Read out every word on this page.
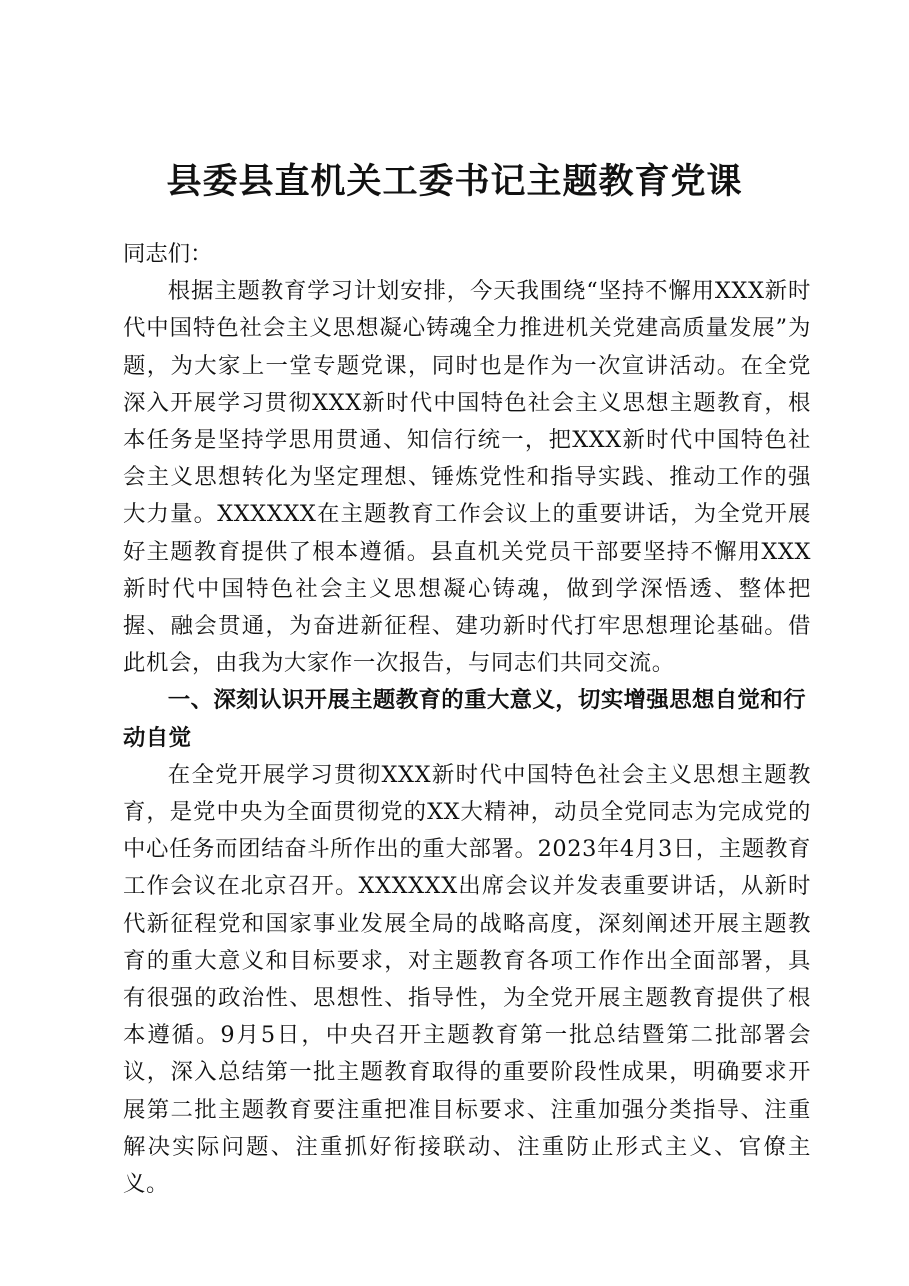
县委县直机关工委书记主题教育党课

同志们：

根据主题教育学习计划安排，今天我围绕“坚持不懈用XXX新时代中国特色社会主义思想凝心铸魂全力推进机关党建高质量发展”为题，为大家上一堂专题党课，同时也是作为一次宣讲活动。在全党深入开展学习贯彻XXX新时代中国特色社会主义思想主题教育，根本任务是坚持学思用贯通、知信行统一，把XXX新时代中国特色社会主义思想转化为坚定理想、锤炼党性和指导实践、推动工作的强大力量。XXXXXX在主题教育工作会议上的重要讲话，为全党开展好主题教育提供了根本遵循。县直机关党员干部要坚持不懈用XXX新时代中国特色社会主义思想凝心铸魂，做到学深悟透、整体把握、融会贯通，为奋进新征程、建功新时代打牢思想理论基础。借此机会，由我为大家作一次报告，与同志们共同交流。

一、深刻认识开展主题教育的重大意义，切实增强思想自觉和行动自觉

在全党开展学习贯彻XXX新时代中国特色社会主义思想主题教育，是党中央为全面贯彻党的XX大精神，动员全党同志为完成党的中心任务而团结奋斗所作出的重大部署。2023年4月3日，主题教育工作会议在北京召开。XXXXXX出席会议并发表重要讲话，从新时代新征程党和国家事业发展全局的战略高度，深刻阐述开展主题教育的重大意义和目标要求，对主题教育各项工作作出全面部署，具有很强的政治性、思想性、指导性，为全党开展主题教育提供了根本遵循。9月5日，中央召开主题教育第一批总结暨第二批部署会议，深入总结第一批主题教育取得的重要阶段性成果，明确要求开展第二批主题教育要注重把准目标要求、注重加强分类指导、注重解决实际问题、注重抓好衔接联动、注重防止形式主义、官僚主义。
